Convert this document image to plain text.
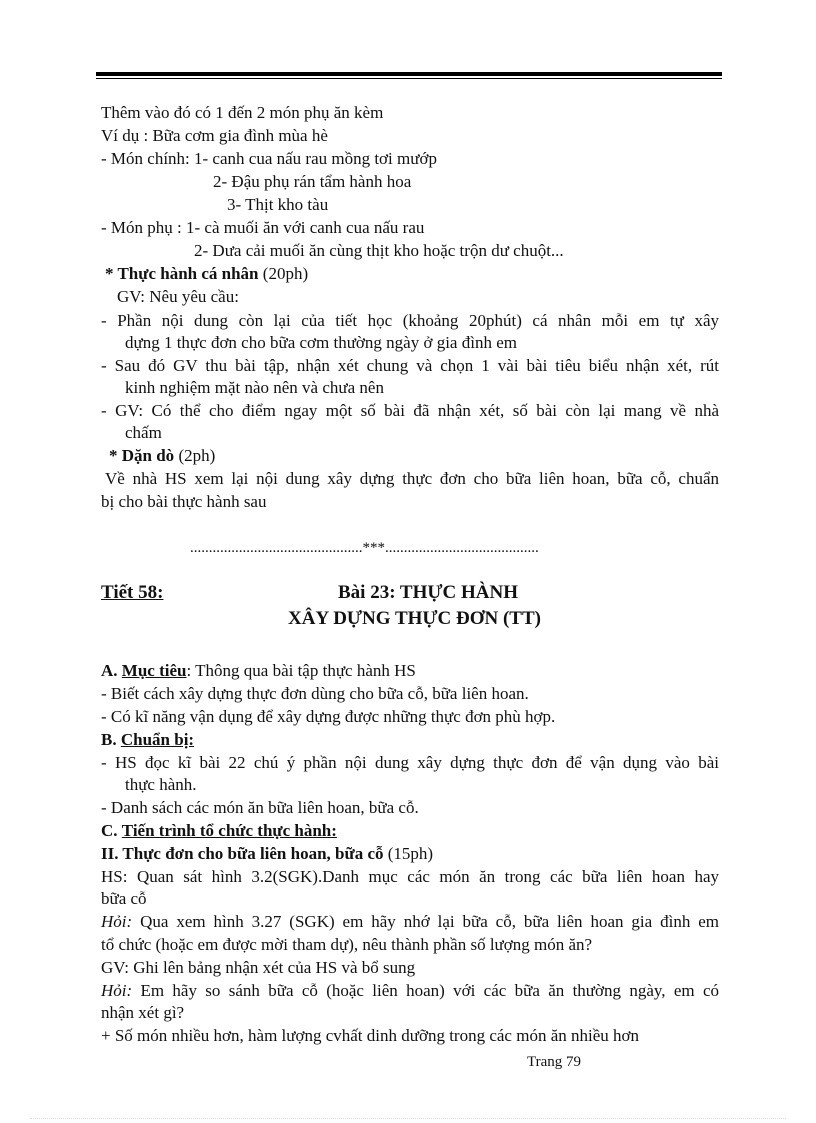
Thêm vào đó có 1 đến 2 món phụ ăn kèm
Ví dụ : Bữa cơm gia đình mùa hè
- Món chính: 1- canh cua nấu rau mồng tơi mướp
2- Đậu phụ rán tẩm hành hoa
3- Thịt kho tàu
- Món phụ : 1- cà muối ăn với canh cua nấu rau
2- Dưa cải muối ăn cùng thịt kho hoặc trộn dư chuột...
* Thực hành cá nhân (20ph)
GV: Nêu yêu cầu:
- Phần nội dung còn lại của tiết học (khoảng 20phút) cá nhân mỗi em tự xây
dựng 1 thực đơn cho bữa cơm thường ngày ở gia đình em
- Sau đó GV thu bài tập, nhận xét chung và chọn 1 vài bài tiêu biểu nhận xét, rút
kinh nghiệm mặt nào nên và chưa nên
- GV: Có thể cho điểm ngay một số bài đã nhận xét, số bài còn lại mang về nhà
chấm
* Dặn dò (2ph)
Về nhà HS xem lại nội dung xây dựng thực đơn cho bữa liên hoan, bữa cỗ, chuẩn
bị cho bài thực hành sau
..............................................***.........................................
Tiết 58:	Bài 23: THỰC HÀNH
XÂY DỰNG THỰC ĐƠN (TT)
A. Mục tiêu: Thông qua bài tập thực hành HS
- Biết cách xây dựng thực đơn dùng cho bữa cỗ, bữa liên hoan.
- Có kĩ năng vận dụng để xây dựng được những thực đơn phù hợp.
B. Chuẩn bị:
- HS đọc kĩ bài 22 chú ý phần nội dung xây dựng thực đơn để vận dụng vào bài
thực hành.
- Danh sách các món ăn bữa liên hoan, bữa cỗ.
C. Tiến trình tổ chức thực hành:
II. Thực đơn cho bữa liên hoan, bữa cỗ (15ph)
HS: Quan sát hình 3.2(SGK).Danh mục các món ăn trong các bữa liên hoan hay
bữa cỗ
Hỏi: Qua xem hình 3.27 (SGK) em hãy nhớ lại bữa cỗ, bữa liên hoan gia đình em
tổ chức (hoặc em được mời tham dự), nêu thành phần số lượng món ăn?
GV: Ghi lên bảng nhận xét của HS và bổ sung
Hỏi: Em hãy so sánh bữa cỗ (hoặc liên hoan) với các bữa ăn thường ngày, em có
nhận xét gì?
+ Số món nhiều hơn, hàm lượng cvhất dinh dưỡng trong các món ăn nhiều hơn
Trang 79
